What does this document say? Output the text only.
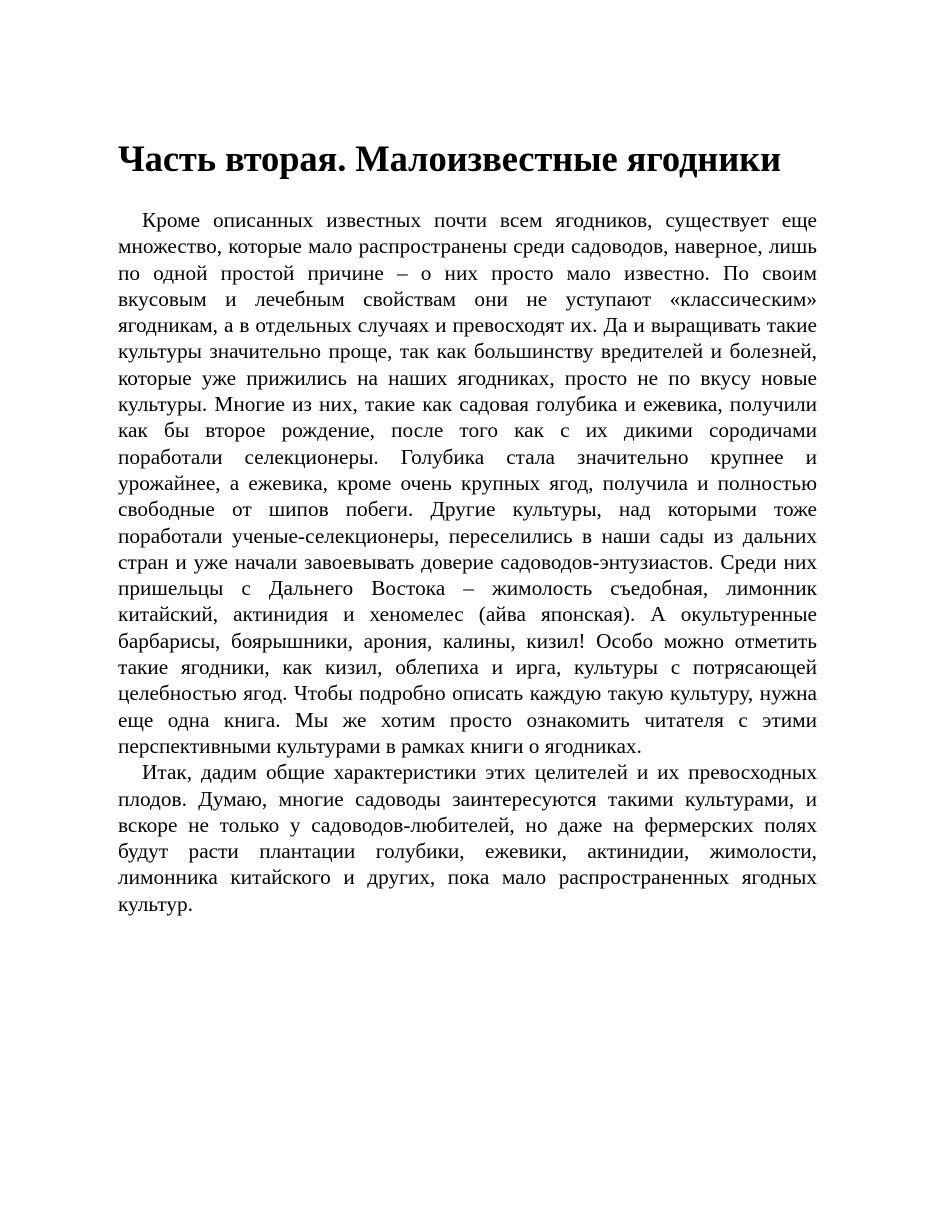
Часть вторая. Малоизвестные ягодники

Кроме описанных известных почти всем ягодников, существует еще множество, которые мало распространены среди садоводов, наверное, лишь по одной простой причине – о них просто мало известно. По своим вкусовым и лечебным свойствам они не уступают «классическим» ягодникам, а в отдельных случаях и превосходят их. Да и выращивать такие культуры значительно проще, так как большинству вредителей и болезней, которые уже прижились на наших ягодниках, просто не по вкусу новые культуры. Многие из них, такие как садовая голубика и ежевика, получили как бы второе рождение, после того как с их дикими сородичами поработали селекционеры. Голубика стала значительно крупнее и урожайнее, а ежевика, кроме очень крупных ягод, получила и полностью свободные от шипов побеги. Другие культуры, над которыми тоже поработали ученые-селекционеры, переселились в наши сады из дальних стран и уже начали завоевывать доверие садоводов-энтузиастов. Среди них пришельцы с Дальнего Востока – жимолость съедобная, лимонник китайский, актинидия и хеномелес (айва японская). А окультуренные барбарисы, боярышники, арония, калины, кизил! Особо можно отметить такие ягодники, как кизил, облепиха и ирга, культуры с потрясающей целебностью ягод. Чтобы подробно описать каждую такую культуру, нужна еще одна книга. Мы же хотим просто ознакомить читателя с этими перспективными культурами в рамках книги о ягодниках.

Итак, дадим общие характеристики этих целителей и их превосходных плодов. Думаю, многие садоводы заинтересуются такими культурами, и вскоре не только у садоводов-любителей, но даже на фермерских полях будут расти плантации голубики, ежевики, актинидии, жимолости, лимонника китайского и других, пока мало распространенных ягодных культур.
